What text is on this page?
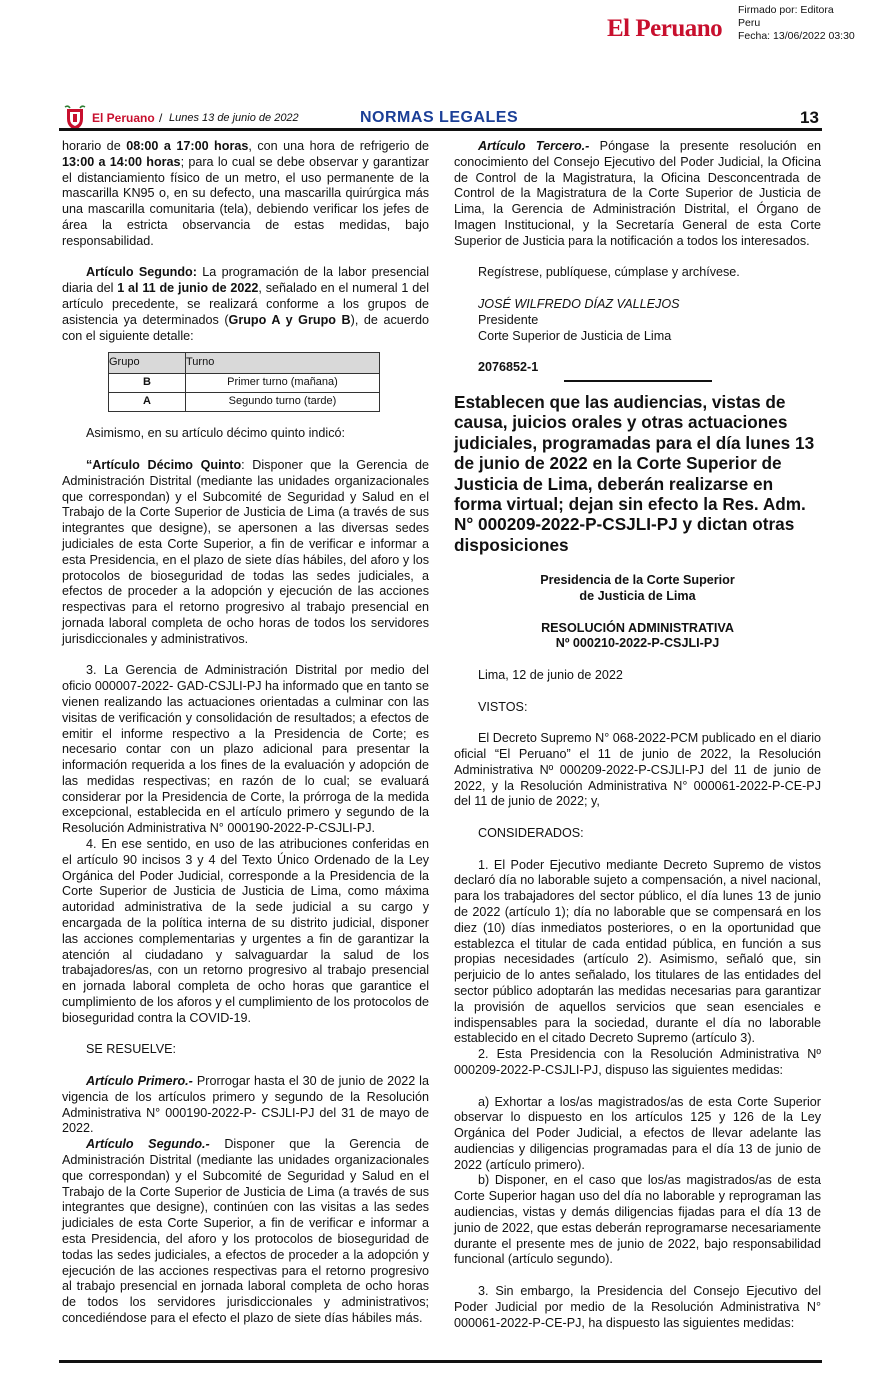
El Peruano
Firmado por: Editora
Peru
Fecha: 13/06/2022 03:30
El Peruano / Lunes 13 de junio de 2022	NORMAS LEGALES	13

horario de 08:00 a 17:00 horas, con una hora de refrigerio de 13:00 a 14:00 horas; para lo cual se debe observar y garantizar el distanciamiento físico de un metro, el uso permanente de la mascarilla KN95 o, en su defecto, una mascarilla quirúrgica más una mascarilla comunitaria (tela), debiendo verificar los jefes de área la estricta observancia de estas medidas, bajo responsabilidad.

Artículo Segundo: La programación de la labor presencial diaria del 1 al 11 de junio de 2022, señalado en el numeral 1 del artículo precedente, se realizará conforme a los grupos de asistencia ya determinados (Grupo A y Grupo B), de acuerdo con el siguiente detalle:

Grupo	Turno
B	Primer turno (mañana)
A	Segundo turno (tarde)

Asimismo, en su artículo décimo quinto indicó:

“Artículo Décimo Quinto: Disponer que la Gerencia de Administración Distrital (mediante las unidades organizacionales que correspondan) y el Subcomité de Seguridad y Salud en el Trabajo de la Corte Superior de Justicia de Lima (a través de sus integrantes que designe), se apersonen a las diversas sedes judiciales de esta Corte Superior, a fin de verificar e informar a esta Presidencia, en el plazo de siete días hábiles, del aforo y los protocolos de bioseguridad de todas las sedes judiciales, a efectos de proceder a la adopción y ejecución de las acciones respectivas para el retorno progresivo al trabajo presencial en jornada laboral completa de ocho horas de todos los servidores jurisdiccionales y administrativos.

3. La Gerencia de Administración Distrital por medio del oficio 000007-2022- GAD-CSJLI-PJ ha informado que en tanto se vienen realizando las actuaciones orientadas a culminar con las visitas de verificación y consolidación de resultados; a efectos de emitir el informe respectivo a la Presidencia de Corte; es necesario contar con un plazo adicional para presentar la información requerida a los fines de la evaluación y adopción de las medidas respectivas; en razón de lo cual; se evaluará considerar por la Presidencia de Corte, la prórroga de la medida excepcional, establecida en el artículo primero y segundo de la Resolución Administrativa N° 000190-2022-P-CSJLI-PJ.

4. En ese sentido, en uso de las atribuciones conferidas en el artículo 90 incisos 3 y 4 del Texto Único Ordenado de la Ley Orgánica del Poder Judicial, corresponde a la Presidencia de la Corte Superior de Justicia de Justicia de Lima, como máxima autoridad administrativa de la sede judicial a su cargo y encargada de la política interna de su distrito judicial, disponer las acciones complementarias y urgentes a fin de garantizar la atención al ciudadano y salvaguardar la salud de los trabajadores/as, con un retorno progresivo al trabajo presencial en jornada laboral completa de ocho horas que garantice el cumplimiento de los aforos y el cumplimiento de los protocolos de bioseguridad contra la COVID-19.

SE RESUELVE:

Artículo Primero.- Prorrogar hasta el 30 de junio de 2022 la vigencia de los artículos primero y segundo de la Resolución Administrativa N° 000190-2022-P- CSJLI-PJ del 31 de mayo de 2022.

Artículo Segundo.- Disponer que la Gerencia de Administración Distrital (mediante las unidades organizacionales que correspondan) y el Subcomité de Seguridad y Salud en el Trabajo de la Corte Superior de Justicia de Lima (a través de sus integrantes que designe), continúen con las visitas a las sedes judiciales de esta Corte Superior, a fin de verificar e informar a esta Presidencia, del aforo y los protocolos de bioseguridad de todas las sedes judiciales, a efectos de proceder a la adopción y ejecución de las acciones respectivas para el retorno progresivo al trabajo presencial en jornada laboral completa de ocho horas de todos los servidores jurisdiccionales y administrativos; concediéndose para el efecto el plazo de siete días hábiles más.

Artículo Tercero.- Póngase la presente resolución en conocimiento del Consejo Ejecutivo del Poder Judicial, la Oficina de Control de la Magistratura, la Oficina Desconcentrada de Control de la Magistratura de la Corte Superior de Justicia de Lima, la Gerencia de Administración Distrital, el Órgano de Imagen Institucional, y la Secretaría General de esta Corte Superior de Justicia para la notificación a todos los interesados.

Regístrese, publíquese, cúmplase y archívese.

JOSÉ WILFREDO DÍAZ VALLEJOS

Presidente

Corte Superior de Justicia de Lima

2076852-1

Establecen que las audiencias, vistas de causa, juicios orales y otras actuaciones judiciales, programadas para el día lunes 13 de junio de 2022 en la Corte Superior de Justicia de Lima, deberán realizarse en forma virtual; dejan sin efecto la Res. Adm. N° 000209-2022-P-CSJLI-PJ y dictan otras disposiciones

Presidencia de la Corte Superior

de Justicia de Lima

RESOLUCIÓN ADMINISTRATIVA

Nº 000210-2022-P-CSJLI-PJ

Lima, 12 de junio de 2022

VISTOS:

El Decreto Supremo N° 068-2022-PCM publicado en el diario oficial “El Peruano” el 11 de junio de 2022, la Resolución Administrativa Nº 000209-2022-P-CSJLI-PJ del 11 de junio de 2022, y la Resolución Administrativa N° 000061-2022-P-CE-PJ del 11 de junio de 2022; y,

CONSIDERADOS:

1. El Poder Ejecutivo mediante Decreto Supremo de vistos declaró día no laborable sujeto a compensación, a nivel nacional, para los trabajadores del sector público, el día lunes 13 de junio de 2022 (artículo 1); día no laborable que se compensará en los diez (10) días inmediatos posteriores, o en la oportunidad que establezca el titular de cada entidad pública, en función a sus propias necesidades (artículo 2). Asimismo, señaló que, sin perjuicio de lo antes señalado, los titulares de las entidades del sector público adoptarán las medidas necesarias para garantizar la provisión de aquellos servicios que sean esenciales e indispensables para la sociedad, durante el día no laborable establecido en el citado Decreto Supremo (artículo 3).

2. Esta Presidencia con la Resolución Administrativa Nº 000209-2022-P-CSJLI-PJ, dispuso las siguientes medidas:

a) Exhortar a los/as magistrados/as de esta Corte Superior observar lo dispuesto en los artículos 125 y 126 de la Ley Orgánica del Poder Judicial, a efectos de llevar adelante las audiencias y diligencias programadas para el día 13 de junio de 2022 (artículo primero).

b) Disponer, en el caso que los/as magistrados/as de esta Corte Superior hagan uso del día no laborable y reprograman las audiencias, vistas y demás diligencias fijadas para el día 13 de junio de 2022, que estas deberán reprogramarse necesariamente durante el presente mes de junio de 2022, bajo responsabilidad funcional (artículo segundo).

3. Sin embargo, la Presidencia del Consejo Ejecutivo del Poder Judicial por medio de la Resolución Administrativa N° 000061-2022-P-CE-PJ, ha dispuesto las siguientes medidas:
